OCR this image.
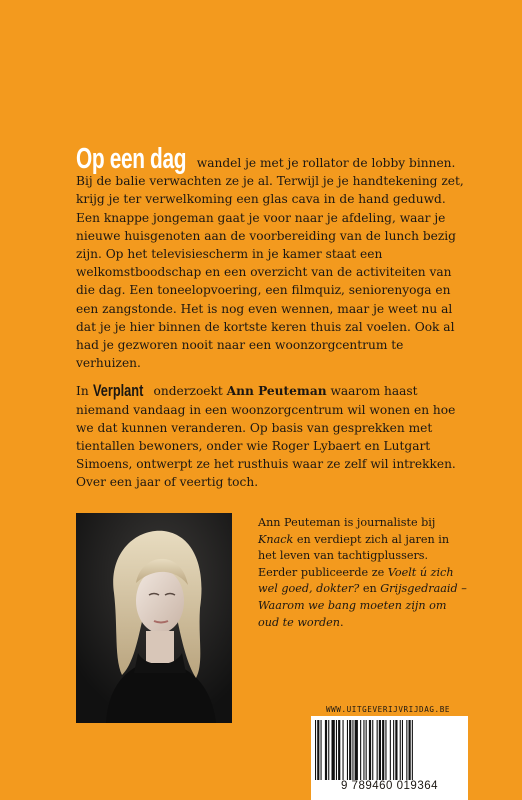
Op een dag wandel je met je rollator de lobby binnen. Bij de balie verwachten ze je al. Terwijl je je handtekening zet, krijg je ter verwelkoming een glas cava in de hand geduwd. Een knappe jongeman gaat je voor naar je afdeling, waar je nieuwe huisgenoten aan de voorbereiding van de lunch bezig zijn. Op het televisiescherm in je kamer staat een welkomstboodschap en een overzicht van de activiteiten van die dag. Een toneelopvoering, een filmquiz, seniorenyoga en een zangstonde. Het is nog even wennen, maar je weet nu al dat je je hier binnen de kortste keren thuis zal voelen. Ook al had je gezworen nooit naar een woonzorgcentrum te verhuizen.

In Verplant onderzoekt Ann Peuteman waarom haast niemand vandaag in een woonzorgcentrum wil wonen en hoe we dat kunnen veranderen. Op basis van gesprekken met tientallen bewoners, onder wie Roger Lybaert en Lutgart Simoens, ontwerpt ze het rusthuis waar ze zelf wil intrekken. Over een jaar of veertig toch.

Ann Peuteman is journaliste bij Knack en verdiept zich al jaren in het leven van tachtigplussers. Eerder publiceerde ze Voelt ú zich wel goed, dokter? en Grijsgedraaid – Waarom we bang moeten zijn om oud te worden.

WWW.UITGEVERIJVRIJDAG.BE
9 789460 019364
